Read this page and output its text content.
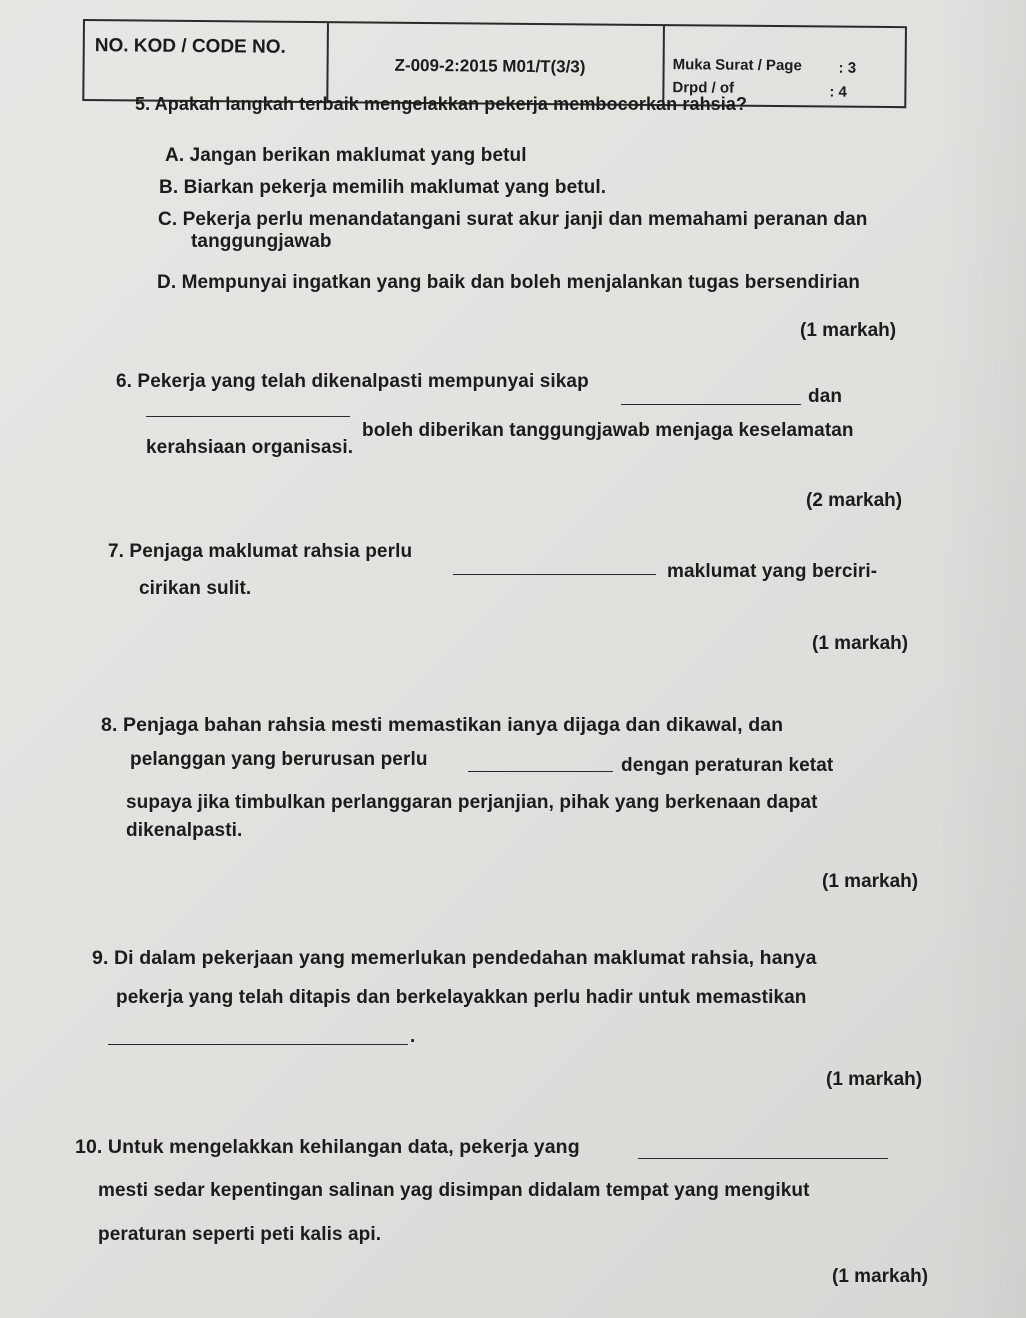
NO. KOD / CODE NO.
Z-009-2:2015 M01/T(3/3)	Muka Surat / Page : 3
Drpd / of	: 4
5. Apakah langkah terbaik mengelakkan pekerja membocorkan rahsia?
A. Jangan berikan maklumat yang betul
B. Biarkan pekerja memilih maklumat yang betul.
C. Pekerja perlu menandatangani surat akur janji dan memahami peranan dan
tanggungjawab
D. Mempunyai ingatkan yang baik dan boleh menjalankan tugas bersendirian
(1 markah)
6. Pekerja yang telah dikenalpasti mempunyai sikap
dan
boleh diberikan tanggungjawab menjaga keselamatan
kerahsiaan organisasi.
(2 markah)
7. Penjaga maklumat rahsia perlu
maklumat yang berciri-
cirikan sulit.
(1 markah)
8. Penjaga bahan rahsia mesti memastikan ianya dijaga dan dikawal, dan
pelanggan yang berurusan perlu	dengan peraturan ketat
supaya jika timbulkan perlanggaran perjanjian, pihak yang berkenaan dapat
dikenalpasti.
(1 markah)
9. Di dalam pekerjaan yang memerlukan pendedahan maklumat rahsia, hanya
pekerja yang telah ditapis dan berkelayakkan perlu hadir untuk memastikan
.
(1 markah)
10. Untuk mengelakkan kehilangan data, pekerja yang
mesti sedar kepentingan salinan yag disimpan didalam tempat yang mengikut
peraturan seperti peti kalis api.
(1 markah)
